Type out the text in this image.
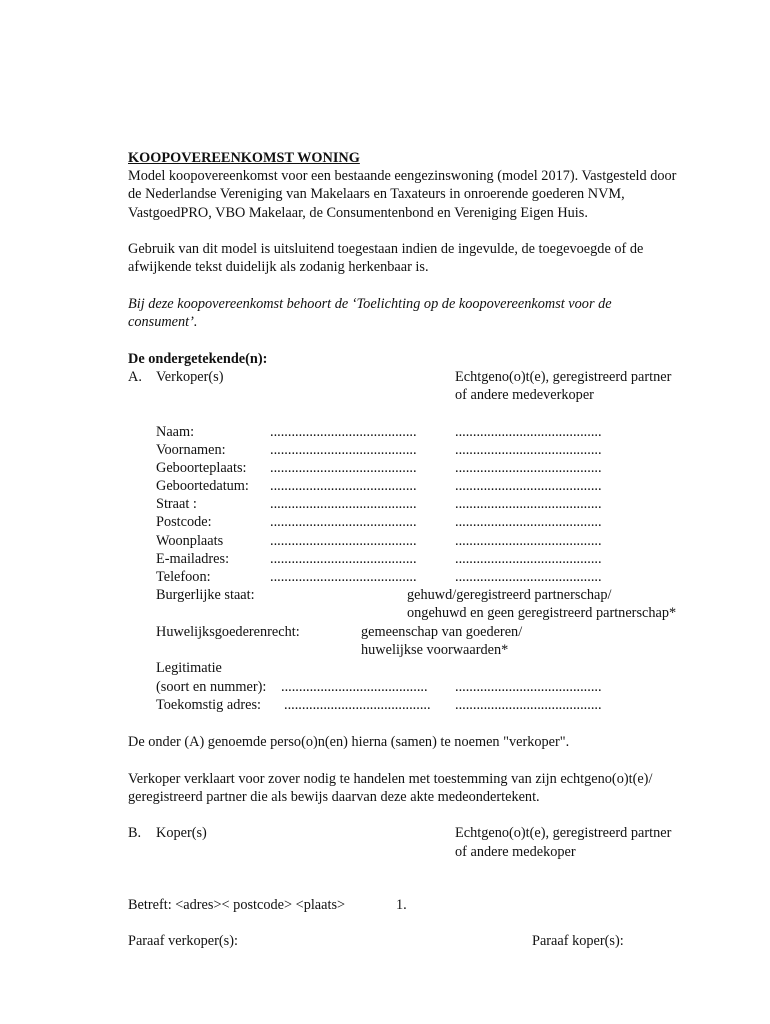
KOOPOVEREENKOMST WONING
Model koopovereenkomst voor een bestaande eengezinswoning (model 2017). Vastgesteld door
de Nederlandse Vereniging van Makelaars en Taxateurs in onroerende goederen NVM,
VastgoedPRO, VBO Makelaar, de Consumentenbond en Vereniging Eigen Huis.
Gebruik van dit model is uitsluitend toegestaan indien de ingevulde, de toegevoegde of de
afwijkende tekst duidelijk als zodanig herkenbaar is.
Bij deze koopovereenkomst behoort de ‘Toelichting op de koopovereenkomst voor de
consument’.
De ondergetekende(n):
A. Verkoper(s)	Echtgeno(o)t(e), geregistreerd partner
of andere medeverkoper
Naam:	.........................................	.........................................
Voornamen:	.........................................	.........................................
Geboorteplaats: .........................................	.........................................
Geboortedatum: .........................................	.........................................
Straat :	.........................................	.........................................
Postcode:	.........................................	.........................................
Woonplaats	.........................................	.........................................
E-mailadres:	.........................................	.........................................
Telefoon:	.........................................	.........................................
Burgerlijke staat:	gehuwd/geregistreerd partnerschap/
ongehuwd en geen geregistreerd partnerschap*
Huwelijksgoederenrecht:	gemeenschap van goederen/
huwelijkse voorwaarden*
Legitimatie
(soort en nummer): ......................................... .........................................
Toekomstig adres: ......................................... .........................................
De onder (A) genoemde perso(o)n(en) hierna (samen) te noemen "verkoper".
Verkoper verklaart voor zover nodig te handelen met toestemming van zijn echtgeno(o)t(e)/
geregistreerd partner die als bewijs daarvan deze akte medeondertekent.
B. Koper(s)	Echtgeno(o)t(e), geregistreerd partner
of andere medekoper
Betreft: <adres>< postcode> <plaats>	1.
Paraaf verkoper(s):	Paraaf koper(s):
